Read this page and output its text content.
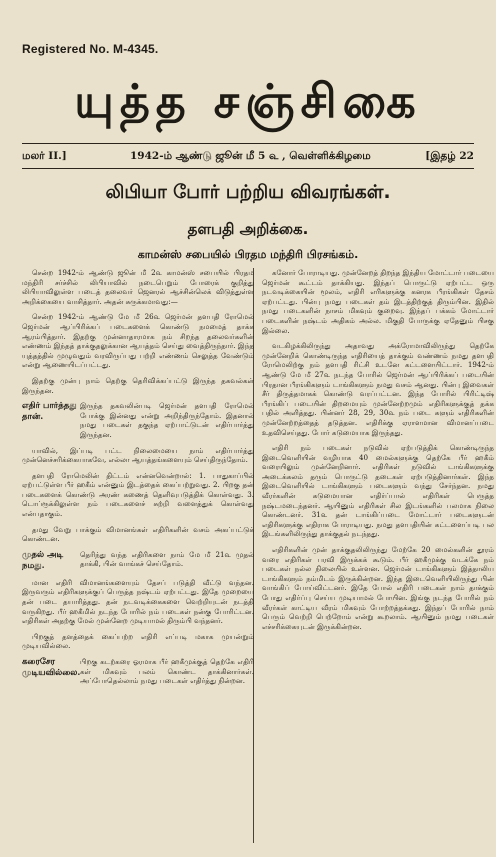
Registered No. M-4345.
யுத்த சஞ்சிகை
மலர் II.]	1942-ம் ஆண்டு ஜூன் மீ 5 ௳ , வெள்ளிக்கிழமை	[இதழ் 22
லிபியா போர் பற்றிய விவரங்கள்.
தளபதி அறிக்கை.
காமன்ஸ் சபையில் பிரதம மந்திரி பிரசங்கம்.

சென்ற 1942-ம் ஆண்டு ஜூன் மீ 2௳ காமன்ஸ் சபையில் பிரதம மந்திரி சர்ச்சில் லிபியாவில் நடைபெறும் போரைக் குறித்து லிபியாவிலுள்ள படைத் தலைவர் ஜெனரல் ஆச்சின்லெக் விடுத்துள்ள அறிக்கையை வாசித்தார். அதன் சுருக்கமாவது:—

சென்ற 1942-ம் ஆண்டு மே மீ 26௳ ஜெர்மன் தளபதி ரோமெல் ஜெர்மன் ஆப்பிரிக்கப் படைகளைக் கொண்டு நமமைத் தாக்க ஆரம்பித்தார். இதற்கு முன்னாதாரமாக நம் சிறந்த தலைவர்களின் எண்ணம் இந்தத் தாக்குதலுக்கான ஆயத்தம் செய்து வைத்திருந்தார். இந்த யுத்தத்தில் முழுவதும் வரவிருப்பது பற்றி எண்ணம் செலுத்த வேண்டும் என்று ஆணையிடப்பட்டது.

இதற்கு முன்பு நாம் தெற்கு தெரிவிக்கப்பட்டு இருந்த தகவல்கள் இருந்தன.

எதிர் பார்த்தது தான்.
இருந்த தகவலின்படி ஜெர்மன் தளபதி ரோமெல் போக்கு இன்னது என்று அறிந்திருந்தோம். இதனால் நமது படைகள் தகுந்த ஏற்பாட்டுடன் எதிர்பார்த்து இருந்தன.

யாவில், இப்படி பட்ட நிலைமையை நாம் எதிர்பார்த்து முன்னெச்சரிக்கையாகவே, எல்லா ஆயத்தங்களையும் செய்திருந்தோம்.

தளபதி ரோமெலின் திட்டம் என்னவென்றால்: 1. பாதுகாப்பில் ஏற்பட்டுள்ள பீர் ஹகீம் என்னும் இடத்தைக் கைப்பற்றுவது. 2. பிறகு தன் படைகளைக் கொண்டு அரண் கணைத் தெளிவுபடுத்திக் கொள்வது. 3. டொப்ரூக்கிலுள்ள நம் படைகளைச் சுற்றி வளைத்துக் கொள்வது என்பதாகும்.

தமது வேறு பாக்கும் விமானங்கள் எதிரிகளின் வசம் அகப்பட்டுக் கொண்டன.

முதல் அடி நமது.
தெரிந்து வந்த எதிரிகளை நாம் மே மீ 21௳ முதல் தாக்கி, பின் வாங்கச் செய்தோம்.

மான எதிரி விமானங்களையும் தேசப் படுத்தி வீட்டு வந்தன. இருவரும் எதிரிகளுக்குப் பெருத்த நஷ்டம் ஏற்பட்டது. இதே முறையை தன் படை தயாரித்தது. தன் நடவடிக்கைகளை வெற்றியுடன் நடத்தி வருகிறது. பீர் ஹகீமில் நடந்த போரில் நம் படைகள் நன்கு போரிட்டன. எதிரிகள் அதற்கு மேல் முன்னேற முடியாமல் திரும்பி வந்தனர்.

பிறகுத் தளத்தைக் கைப்பற்ற எதிரி எப்படி மகாக முயன்றும் முடியவில்லை.

கரைசேர முடியவில்லை.
பிறகு கடற்கரை ஓரமாக பீர் ஹகீமுக்குத் தெற்கே எதிரி கள் மிகவும் பலம் கொண்ட தாக்கினார்கள். அப்போதெல்லாம் நமது படைகள் எதிர்த்து நின்றன.

கனோர் போராடியது. முன்னேறத் திறந்த இந்திய மோட்டார் படையை ஜெர்மன் கூட்டம் தாக்கியது. இந்தப் பொருட்டு ஏற்பட்ட ஒரு நடவடிக்கையின் மூலம், எதிரி எரிகளுக்கு கனரக பீரங்கிகள் தேசம் ஏற்பட்டது. பின்பு நமது படைகள் தம் இடத்திற்குத் திரும்பின. இதில் நமது படைகளின் நாசம் மிகவும் குறைவு. இந்தப் பக்கம் மோட்டார் படைகளின் நஷ்டம் அதிகம் அல்ல. மிகுதி போருக்கு ஏதேனும் பிசகு இல்லை.

வடகிழக்கிலிருந்து அதாவது அக்ரோமாவிலிருந்து தெற்கே முன்னேறிக் கொண்டிருந்த எதிரியைத் தாக்கும் வண்ணம் நமது தளபதி ரோமெலிற்கு நம் தளபதி ரிட்சி உடனே கட்டளையிட்டார். 1942-ம் ஆண்டு மே மீ 27௳ நடந்த போரில் ஜெர்மன் ஆப்பிரிக்கப் படையின் பிரதான பீரங்கிகளும் டாங்கிகளும் நமது வசம் ஆனது. பின்பு இவைகள் சீர் திருத்தமாகக் கொண்டு வரப்பட்டன. இந்த போரில் பிரிட்டிஷ் பீரங்கிப் படையின் திறமையும் முன்னேற்றமும் எதிரிகளுக்குத் தக்க பதில் அளித்தது. பின்னர் 28, 29, 30௳ நம் படை களும் எதிரிகளின் முன்னேற்றத்தைத் தடுத்தன. எதிரிக்கு ஏராளமான விமானப்படை உதவிசெய்தது. போர் கடுமையாக இருந்தது.

எதிரி நம் படைகள் நடுவில் ஏற்படுத்திக் கொண்டிருந்த இடைவெளியின் வழியாக 40 மைல்களுக்கு தெற்கே பீர் ஹகீம் வரையிலும் முன்னேறினார். எதிரிகள் நடுவில் டாங்கிகளுக்கு அடைக்கலம் தரும் பொருட்டு தடைகள் ஏற்படுத்தினார்கள். இந்த இடைவெளியில் டாங்கிகளும் படைகளும் வந்து சேர்ந்தன. நமது வீரர்களின் கடுமையான எதிர்ப்பால் எதிரிகள் பெருத்த நஷ்டமடைந்தனர். ஆயினும் எதிரிகள் சில இடங்களில் பலமாக நிலை கொண்டனர். 31௳ தன் டாங்கிப்படை மோட்டார் படைகளுடன் எதிரிகளுக்கு எதிராக போராடியது. நமது தளபதியின் கட்டளைப்படி பல இடங்களிலிருந்து தாக்குதல் நடந்தது.

எதிரிகளின் முன் தாக்குதலிலிருந்து மேற்கே 20 மைல்களின் தூரம் வரை எதிரிகள் பரவி இருக்கக் கூடும். பீர் ஹகீமுக்கு வடக்கே நம் படைகள் நல்ல நிலையில் உள்ளன. ஜெர்மன் டாங்கிகளும் இத்தாலிய டாங்கிகளும் நம்மிடம் இருக்கின்றன. இந்த இடைவெளியிலிருந்து பின் வாங்கிப் போய்விட்டனர். இதே போல் எதிரி படைகள் நாம் தாக்கும் போது எதிர்ப்பு செய்ய முடியாமல் போயின. இங்கு நடந்த போரில் நம் வீரர்கள் காட்டிய வீரம் மிகவும் போற்றத்தக்கது. இந்தப் போரில் நாம் பெரும் வெற்றி பெற்றோம் என்று கூறலாம். ஆயினும் நமது படைகள் எச்சரிக்கையுடன் இருக்கின்றன.
